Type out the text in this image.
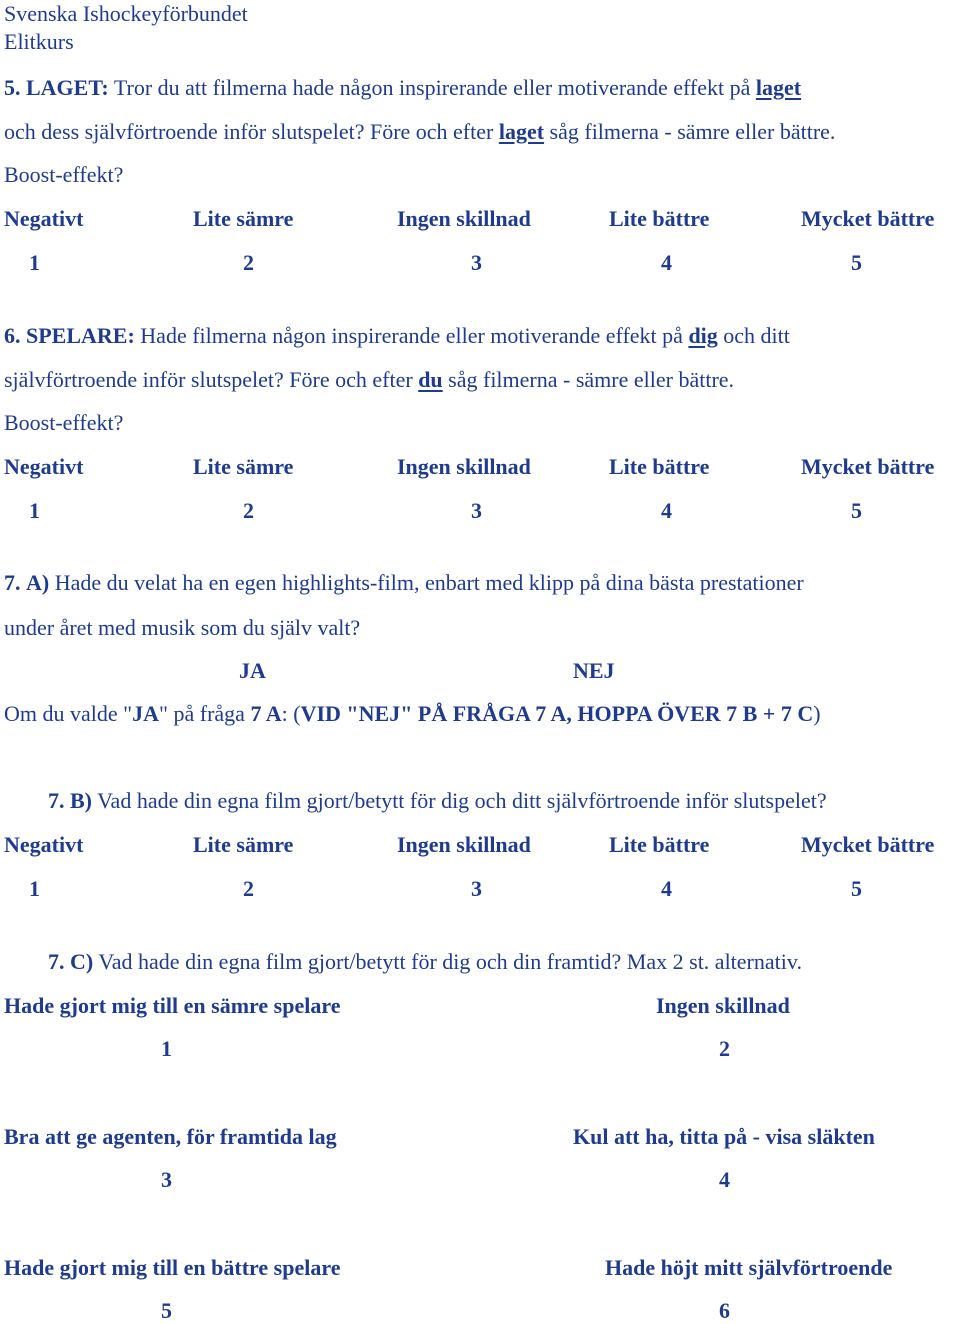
Svenska Ishockeyförbundet
Elitkurs
5. LAGET: Tror du att filmerna hade någon inspirerande eller motiverande effekt på laget
och dess självförtroende inför slutspelet? Före och efter laget såg filmerna - sämre eller bättre.
Boost-effekt?
Negativt	Lite sämre	Ingen skillnad	Lite bättre	Mycket bättre
1	2	3	4	5
6. SPELARE: Hade filmerna någon inspirerande eller motiverande effekt på dig och ditt
självförtroende inför slutspelet? Före och efter du såg filmerna - sämre eller bättre.
Boost-effekt?
Negativt	Lite sämre	Ingen skillnad	Lite bättre	Mycket bättre
1	2	3	4	5
7. A) Hade du velat ha en egen highlights-film, enbart med klipp på dina bästa prestationer
under året med musik som du själv valt?
JA	NEJ
Om du valde "JA" på fråga 7 A: (VID "NEJ" PÅ FRÅGA 7 A, HOPPA ÖVER 7 B + 7 C)
7. B) Vad hade din egna film gjort/betytt för dig och ditt självförtroende inför slutspelet?
Negativt	Lite sämre	Ingen skillnad	Lite bättre	Mycket bättre
1	2	3	4	5
7. C) Vad hade din egna film gjort/betytt för dig och din framtid? Max 2 st. alternativ.
Hade gjort mig till en sämre spelare	Ingen skillnad
1	2
Bra att ge agenten, för framtida lag	Kul att ha, titta på - visa släkten
3	4
Hade gjort mig till en bättre spelare	Hade höjt mitt självförtroende
5	6
